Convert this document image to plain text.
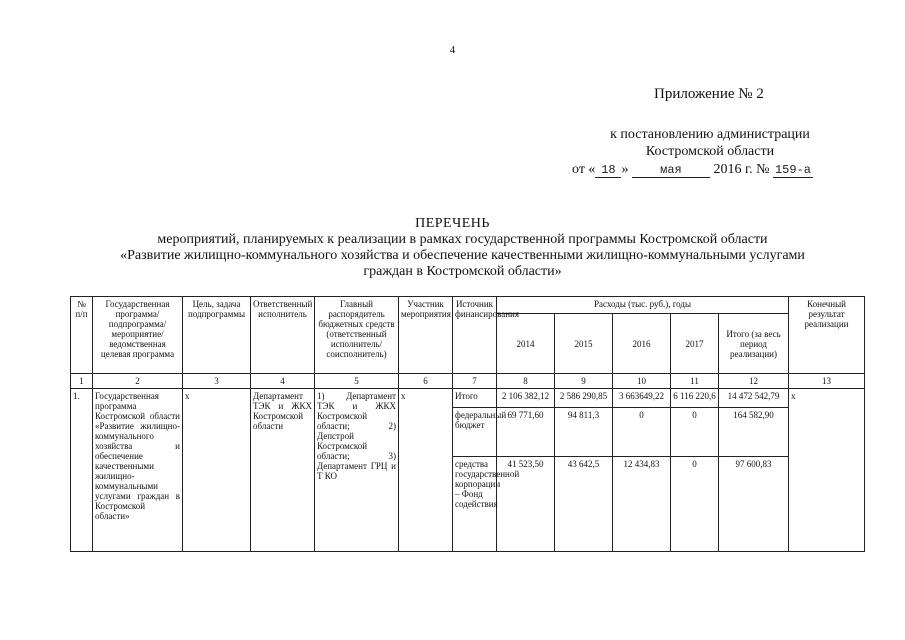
4
Приложение № 2
к постановлению администрации
Костромской области
от « 18 »	мая 2016 г. № 159-а
ПЕРЕЧЕНЬ
мероприятий, планируемых к реализации в рамках государственной программы Костромской области
«Развитие жилищно-коммунального хозяйства и обеспечение качественными жилищно-коммунальными услугами
граждан в Костромской области»
№ п/п	Государственная программа/подпрограмма/мероприятие/ведомственная целевая программа	Цель, задача подпрограммы	Ответственный исполнитель	Главный распорядитель бюджетных средств (ответственный исполнитель/соисполнитель)	Участник мероприятия	Источник финансирования	Расходы (тыс. руб.), годы					Конечный результат реализации
							2014	2015	2016	2017	Итого (за весь период реализации)	
1	2	3	4	5	6	7	8	9	10	11	12	13
1.	Государственная программа Костромской области «Развитие жилищно-коммунального хозяйства и обеспечение качественными жилищно-коммунальными услугами граждан в Костромской области»	х	Департамент ТЭК и ЖКХ Костромской области	1) Департамент ТЭК и ЖКХ Костромской области; 2) Депстрой Костромской области; 3) Департамент ГРЦ и Т КО	х	Итого	2 106 382,12	2 586 290,85	3 663649,22	6 116 220,6	14 472 542,79	х
						федеральный бюджет	69 771,60	94 811,3	0	0	164 582,90	
						средства государственной корпорации – Фонд содействия	41 523,50	43 642,5	12 434,83	0	97 600,83	
